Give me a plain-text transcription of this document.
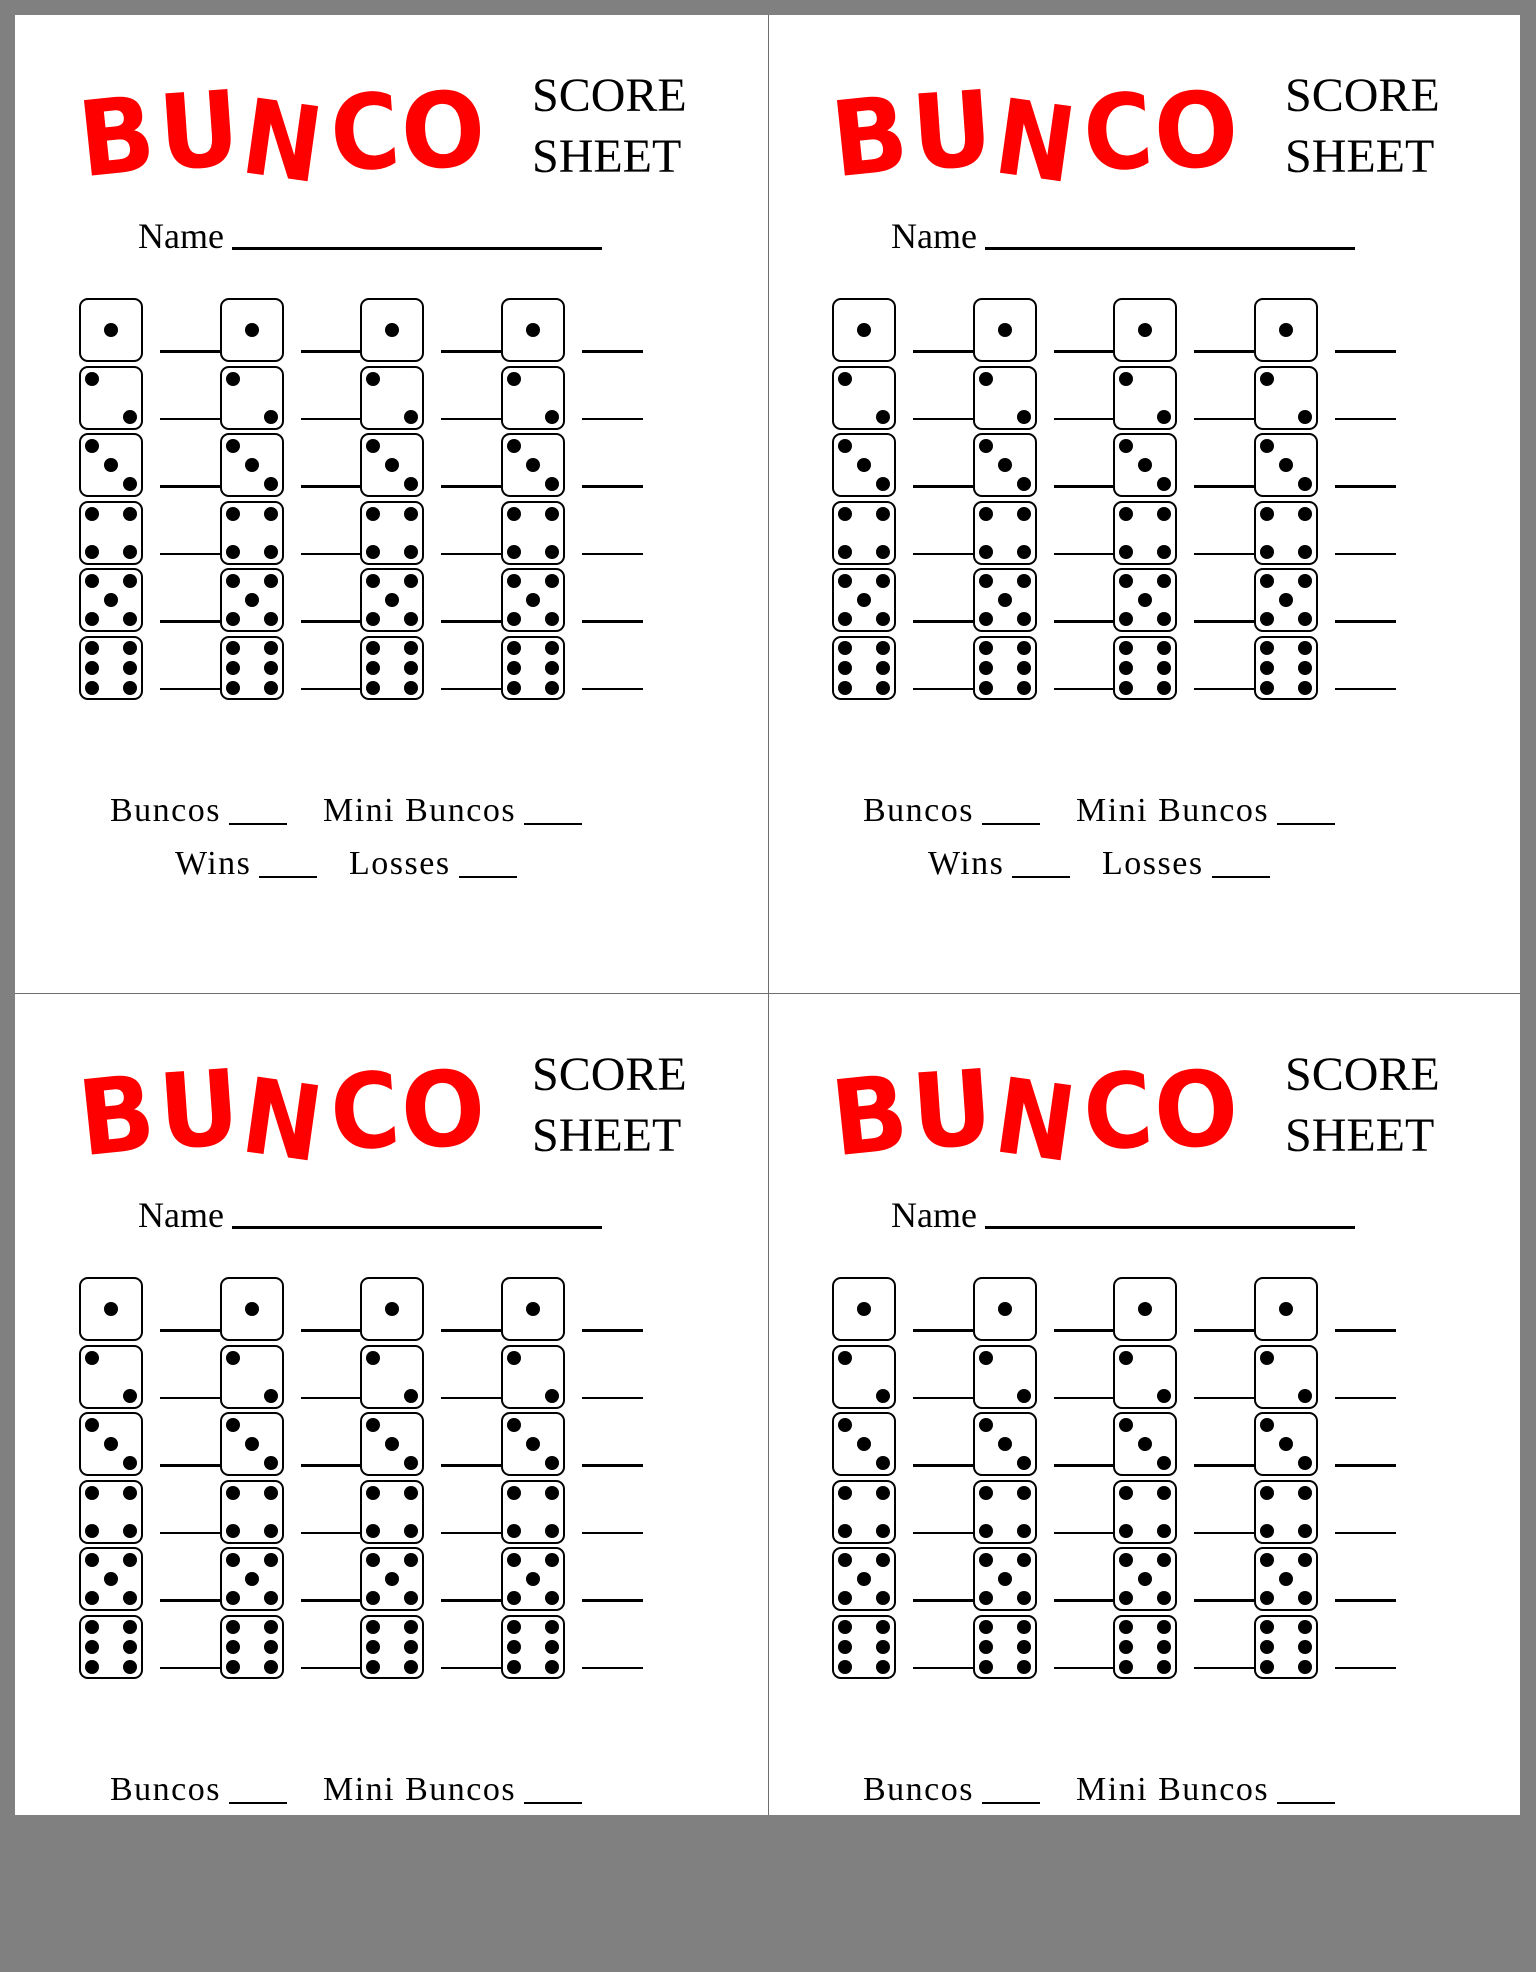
B
U
N C
O SCORE
SHEET
Name
Buncos	Mini Buncos
Wins	Losses
B
U
N C
O SCORE
SHEET
Name
Buncos	Mini Buncos
Wins	Losses
B
U
N C
O SCORE
SHEET
Name
Buncos	Mini Buncos
B
U
N C
O SCORE
SHEET
Name
Buncos	Mini Buncos
